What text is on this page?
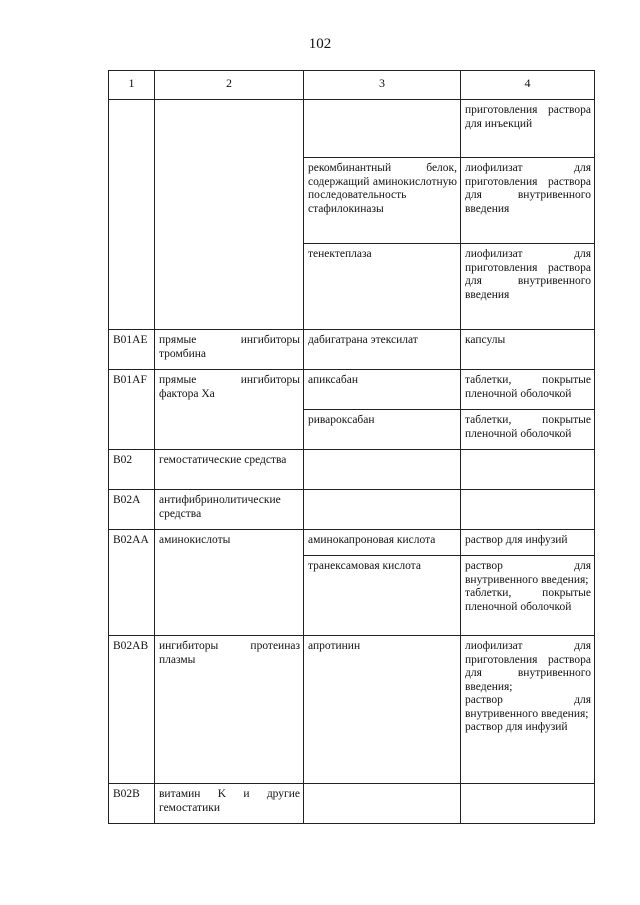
102
1	2	3	4

			приготовления раствора для инъекций

		рекомбинантный белок, содержащий аминокислотную последовательность стафилокиназы	лиофилизат для приготовления раствора для внутривенного введения

		тенектеплаза	лиофилизат для приготовления раствора для внутривенного введения

B01AE	прямые ингибиторы тромбина	дабигатрана этексилат	капсулы

B01AF	прямые ингибиторы фактора Xa	апиксабан	таблетки, покрытые пленочной оболочкой

		ривароксабан	таблетки, покрытые пленочной оболочкой

B02	гемостатические средства		

B02A	антифибринолитические средства		

B02AA	аминокислоты	аминокапроновая кислота	раствор для инфузий

		транексамовая кислота	раствор для внутривенного введения;
таблетки, покрытые пленочной оболочкой

B02AB	ингибиторы протеиназ плазмы	апротинин	лиофилизат для приготовления раствора для внутривенного введения;
раствор для внутривенного введения;
раствор для инфузий

B02B	витамин K и другие гемостатики		
